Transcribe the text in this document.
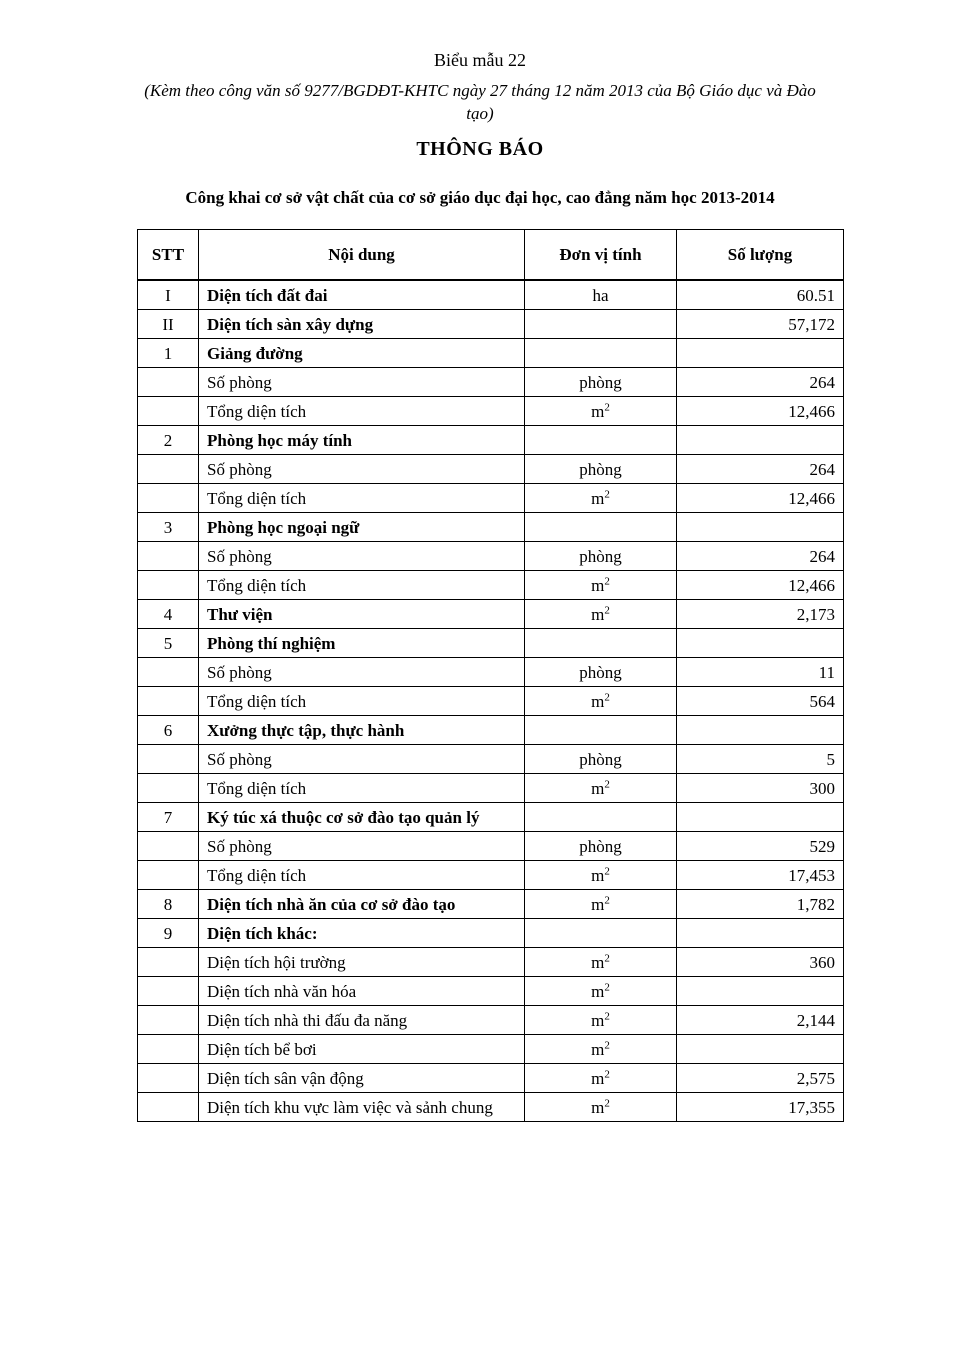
Biểu mẫu 22
(Kèm theo công văn số 9277/BGDĐT-KHTC ngày 27 tháng 12 năm 2013 của Bộ Giáo dục và Đào tạo)
THÔNG BÁO
Công khai cơ sở vật chất của cơ sở giáo dục đại học, cao đẳng năm học 2013-2014
STT	Nội dung	Đơn vị tính	Số lượng
I	Diện tích đất đai	ha	60.51
II	Diện tích sàn xây dựng		57,172
1	Giảng đường		
	Số phòng	phòng	264
	Tổng diện tích	$m^2$	12,466
2	Phòng học máy tính		
	Số phòng	phòng	264
	Tổng diện tích	$m^2$	12,466
3	Phòng học ngoại ngữ		
	Số phòng	phòng	264
	Tổng diện tích	$m^2$	12,466
4	Thư viện	$m^2$	2,173
5	Phòng thí nghiệm		
	Số phòng	phòng	11
	Tổng diện tích	$m^2$	564
6	Xưởng thực tập, thực hành		
	Số phòng	phòng	5
	Tổng diện tích	$m^2$	300
7	Ký túc xá thuộc cơ sở đào tạo quản lý		
	Số phòng	phòng	529
	Tổng diện tích	$m^2$	17,453
8	Diện tích nhà ăn của cơ sở đào tạo	$m^2$	1,782
9	Diện tích khác:		
	Diện tích hội trường	$m^2$	360
	Diện tích nhà văn hóa	$m^2$	
	Diện tích nhà thi đấu đa năng	$m^2$	2,144
	Diện tích bể bơi	$m^2$	
	Diện tích sân vận động	$m^2$	2,575
	Diện tích khu vực làm việc và sảnh chung	$m^2$	17,355
